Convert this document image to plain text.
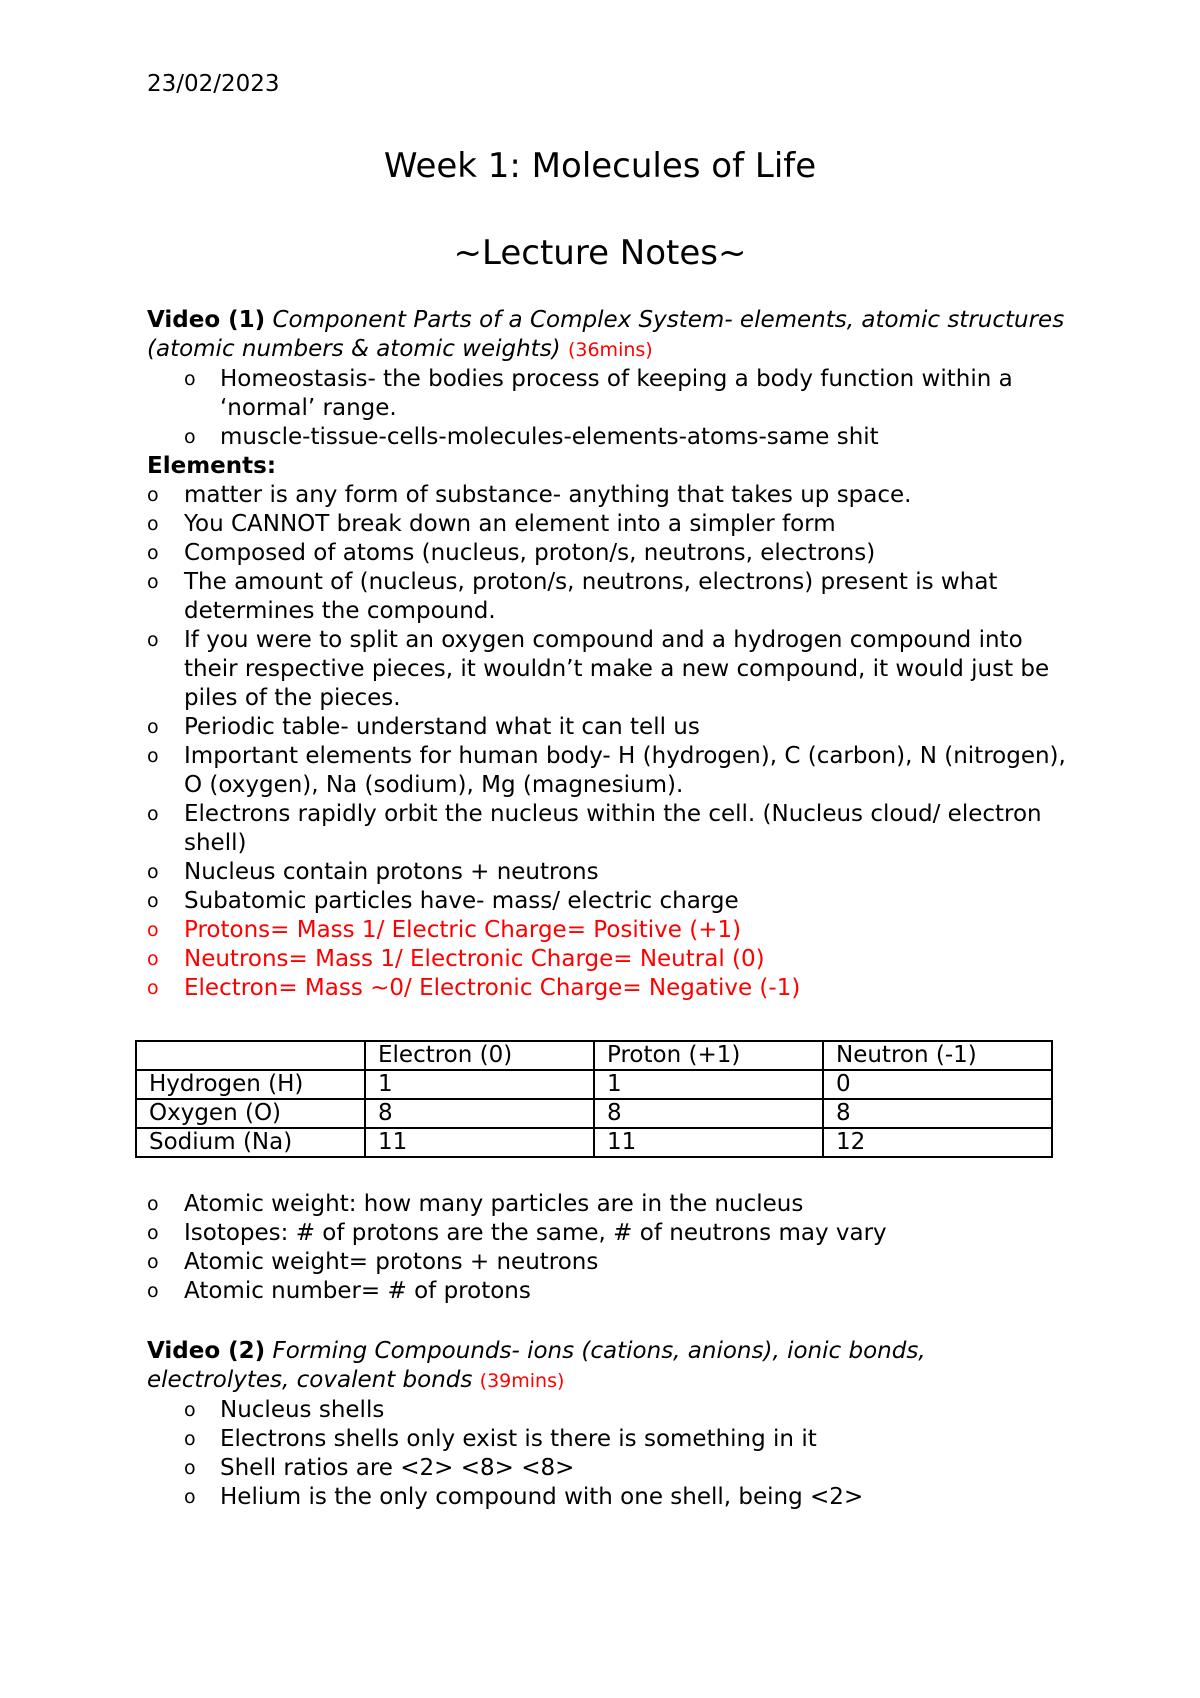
23/02/2023
Week 1: Molecules of Life
~Lecture Notes~
Video (1) Component Parts of a Complex System- elements, atomic structures (atomic numbers & atomic weights) (36mins)
o Homeostasis- the bodies process of keeping a body function within a ‘normal’ range.
o muscle-tissue-cells-molecules-elements-atoms-same shit
Elements:
o matter is any form of substance- anything that takes up space.
o You CANNOT break down an element into a simpler form
o Composed of atoms (nucleus, proton/s, neutrons, electrons)
o The amount of (nucleus, proton/s, neutrons, electrons) present is what determines the compound.
o If you were to split an oxygen compound and a hydrogen compound into their respective pieces, it wouldn’t make a new compound, it would just be piles of the pieces.
o Periodic table- understand what it can tell us
o Important elements for human body- H (hydrogen), C (carbon), N (nitrogen), O (oxygen), Na (sodium), Mg (magnesium).
o Electrons rapidly orbit the nucleus within the cell. (Nucleus cloud/ electron shell)
o Nucleus contain protons + neutrons
o Subatomic particles have- mass/ electric charge
o Protons= Mass 1/ Electric Charge= Positive (+1)
o Neutrons= Mass 1/ Electronic Charge= Neutral (0)
o Electron= Mass ~0/ Electronic Charge= Negative (-1)
	Electron (0)	Proton (+1)	Neutron (-1)
Hydrogen (H)	1	1	0
Oxygen (O)	8	8	8
Sodium (Na)	11	11	12
o Atomic weight: how many particles are in the nucleus
o Isotopes: # of protons are the same, # of neutrons may vary
o Atomic weight= protons + neutrons
o Atomic number= # of protons
Video (2) Forming Compounds- ions (cations, anions), ionic bonds, electrolytes, covalent bonds (39mins)
o Nucleus shells
o Electrons shells only exist is there is something in it
o Shell ratios are <2> <8> <8>
o Helium is the only compound with one shell, being <2>
